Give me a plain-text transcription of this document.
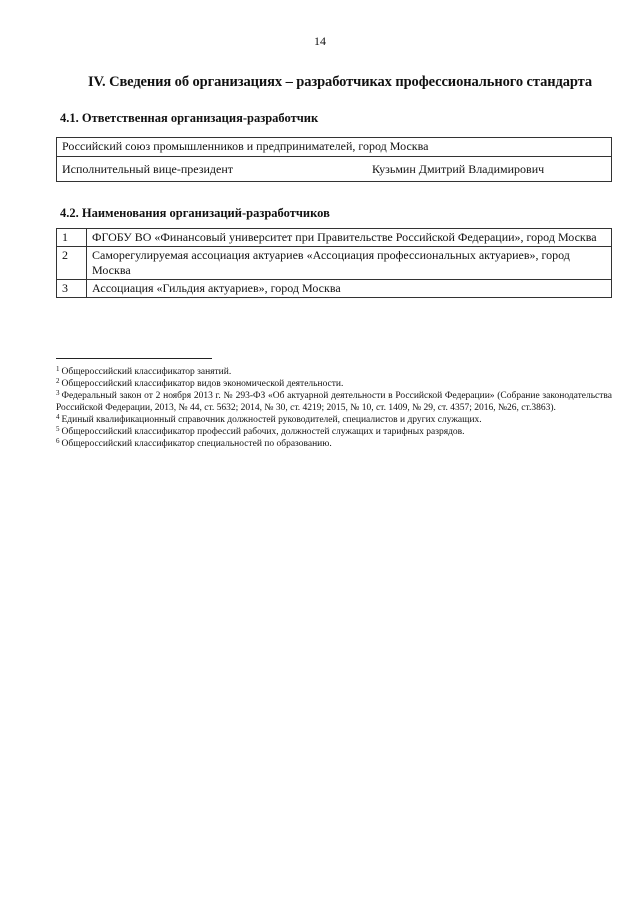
14
IV. Сведения об организациях – разработчиках профессионального стандарта
4.1. Ответственная организация-разработчик
Российский союз промышленников и предпринимателей, город Москва
Исполнительный вице-президент	Кузьмин Дмитрий Владимирович
4.2. Наименования организаций-разработчиков
1	ФГОБУ ВО «Финансовый университет при Правительстве Российской Федерации», город Москва
2	Саморегулируемая ассоциация актуариев «Ассоциация профессиональных актуариев», город Москва
3	Ассоциация «Гильдия актуариев», город Москва
$^1$ Общероссийский классификатор занятий.
$^2$ Общероссийский классификатор видов экономической деятельности.
$^3$ Федеральный закон от 2 ноября 2013 г. № 293-ФЗ «Об актуарной деятельности в Российской Федерации» (Собрание законодательства Российской Федерации, 2013, № 44, ст. 5632; 2014, № 30, ст. 4219; 2015, № 10, ст. 1409, № 29, ст. 4357; 2016, №26, ст.3863).
$^4$ Единый квалификационный справочник должностей руководителей, специалистов и других служащих.
$^5$ Общероссийский классификатор профессий рабочих, должностей служащих и тарифных разрядов.
$^6$ Общероссийский классификатор специальностей по образованию.
